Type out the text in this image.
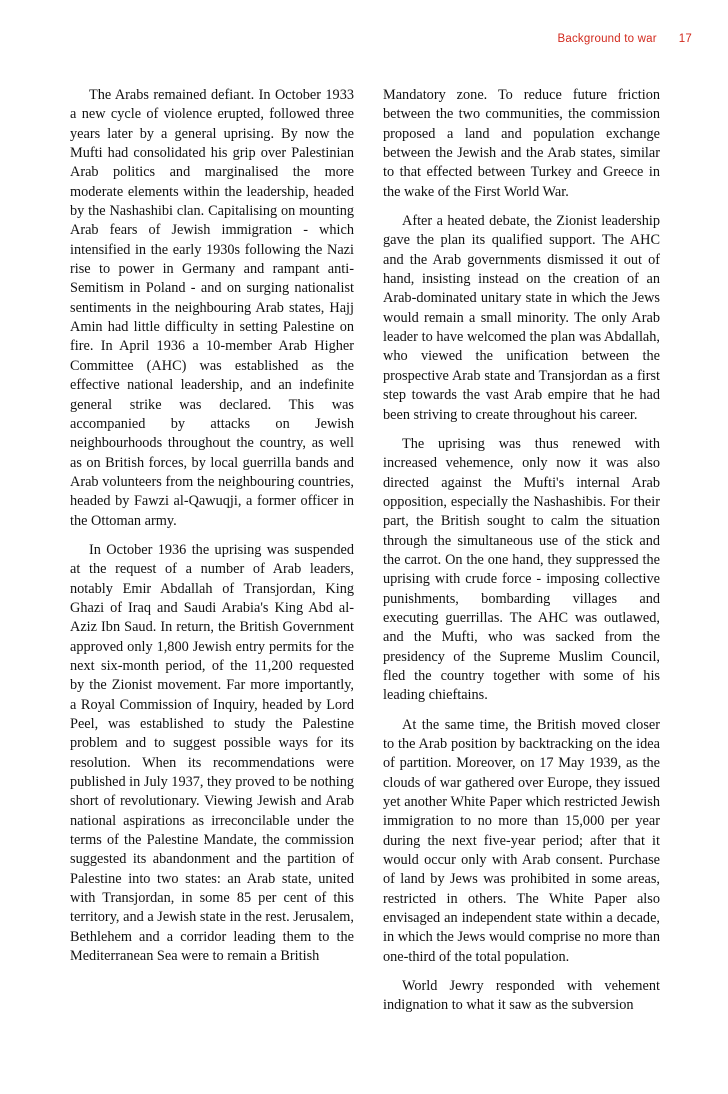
Background to war 17

The Arabs remained defiant. In October 1933 a new cycle of violence erupted, followed three years later by a general uprising. By now the Mufti had consolidated his grip over Palestinian Arab politics and marginalised the more moderate elements within the leadership, headed by the Nashashibi clan. Capitalising on mounting Arab fears of Jewish immigration - which intensified in the early 1930s following the Nazi rise to power in Germany and rampant anti-Semitism in Poland - and on surging nationalist sentiments in the neighbouring Arab states, Hajj Amin had little difficulty in setting Palestine on fire. In April 1936 a 10-member Arab Higher Committee (AHC) was established as the effective national leadership, and an indefinite general strike was declared. This was accompanied by attacks on Jewish neighbourhoods throughout the country, as well as on British forces, by local guerrilla bands and Arab volunteers from the neighbouring countries, headed by Fawzi al-Qawuqji, a former officer in the Ottoman army.

In October 1936 the uprising was suspended at the request of a number of Arab leaders, notably Emir Abdallah of Transjordan, King Ghazi of Iraq and Saudi Arabia's King Abd al-Aziz Ibn Saud. In return, the British Government approved only 1,800 Jewish entry permits for the next six-month period, of the 11,200 requested by the Zionist movement. Far more importantly, a Royal Commission of Inquiry, headed by Lord Peel, was established to study the Palestine problem and to suggest possible ways for its resolution. When its recommendations were published in July 1937, they proved to be nothing short of revolutionary. Viewing Jewish and Arab national aspirations as irreconcilable under the terms of the Palestine Mandate, the commission suggested its abandonment and the partition of Palestine into two states: an Arab state, united with Transjordan, in some 85 per cent of this territory, and a Jewish state in the rest. Jerusalem, Bethlehem and a corridor leading them to the Mediterranean Sea were to remain a British

Mandatory zone. To reduce future friction between the two communities, the commission proposed a land and population exchange between the Jewish and the Arab states, similar to that effected between Turkey and Greece in the wake of the First World War.

After a heated debate, the Zionist leadership gave the plan its qualified support. The AHC and the Arab governments dismissed it out of hand, insisting instead on the creation of an Arab-dominated unitary state in which the Jews would remain a small minority. The only Arab leader to have welcomed the plan was Abdallah, who viewed the unification between the prospective Arab state and Transjordan as a first step towards the vast Arab empire that he had been striving to create throughout his career.

The uprising was thus renewed with increased vehemence, only now it was also directed against the Mufti's internal Arab opposition, especially the Nashashibis. For their part, the British sought to calm the situation through the simultaneous use of the stick and the carrot. On the one hand, they suppressed the uprising with crude force - imposing collective punishments, bombarding villages and executing guerrillas. The AHC was outlawed, and the Mufti, who was sacked from the presidency of the Supreme Muslim Council, fled the country together with some of his leading chieftains.

At the same time, the British moved closer to the Arab position by backtracking on the idea of partition. Moreover, on 17 May 1939, as the clouds of war gathered over Europe, they issued yet another White Paper which restricted Jewish immigration to no more than 15,000 per year during the next five-year period; after that it would occur only with Arab consent. Purchase of land by Jews was prohibited in some areas, restricted in others. The White Paper also envisaged an independent state within a decade, in which the Jews would comprise no more than one-third of the total population.

World Jewry responded with vehement indignation to what it saw as the subversion
